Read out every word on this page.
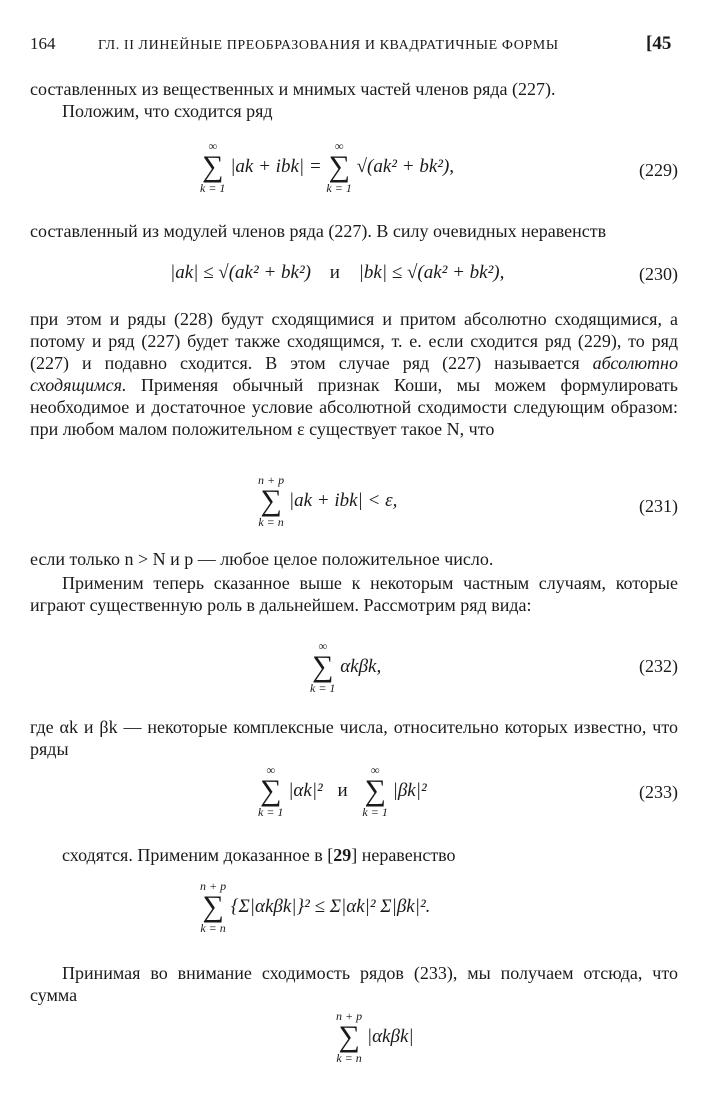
164	ГЛ. II ЛИНЕЙНЫЕ ПРЕОБРАЗОВАНИЯ И КВАДРАТИЧНЫЕ ФОРМЫ	[45
составленных из вещественных и мнимых частей членов ряда (227).
Положим, что сходится ряд
∞
∑
k = 1
|ak + ibk| =
∞
∑
k = 1
√(ak² + bk²),	(229)
составленный из модулей членов ряда (227). В силу очевидных неравенств
|ak| ≤ √(ak² + bk²) и |bk| ≤ √(ak² + bk²),	(230)
при этом и ряды (228) будут сходящимися и притом абсолютно сходящимися, а потому и ряд (227) будет также сходящимся, т. е. если сходится ряд (229), то ряд (227) и подавно сходится. В этом случае ряд (227) называется абсолютно сходящимся. Применяя обычный признак Коши, мы можем формулировать необходимое и достаточное условие абсолютной сходимости следующим образом: при любом малом положительном ε существует такое N, что
n + p
∑
k = n
|ak + ibk| < ε,	(231)
если только n > N и p — любое целое положительное число.
Применим теперь сказанное выше к некоторым частным случаям, которые играют существенную роль в дальнейшем. Рассмотрим ряд вида:
∞
∑
k = 1
αkβk,	(232)
где αk и βk — некоторые комплексные числа, относительно которых известно, что ряды
∞
∑
k = 1
|αk|² и
∞
∑
k = 1
|βk|²	(233)
сходятся. Применим доказанное в [29] неравенство
n + p
∑
k = n
{Σ|αkβk|}² ≤ Σ|αk|² Σ|βk|².
Принимая во внимание сходимость рядов (233), мы получаем отсюда, что сумма
n + p
∑
k = n
|αkβk|
